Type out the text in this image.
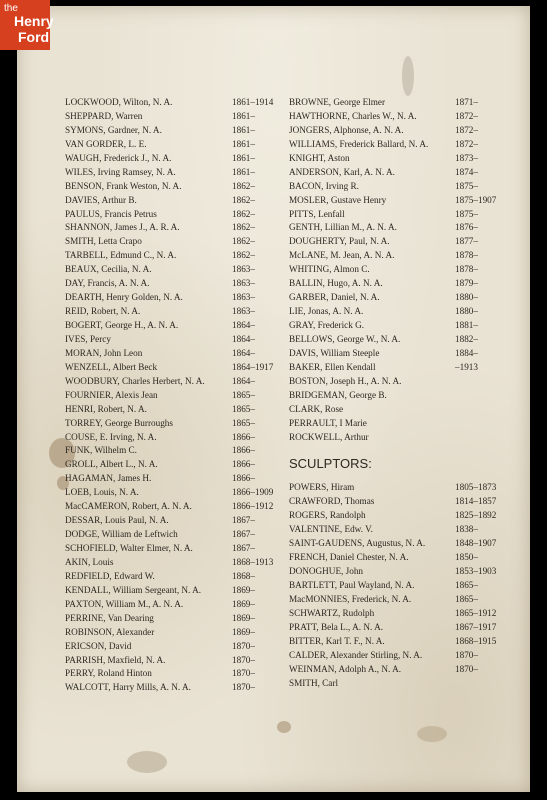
the
Henry
Ford
LOCKWOOD, Wilton, N. A.	1861–1914
SHEPPARD, Warren	1861–
SYMONS, Gardner, N. A.	1861–
VAN GORDER, L. E.	1861–
WAUGH, Frederick J., N. A.	1861–
WILES, Irving Ramsey, N. A.	1861–
BENSON, Frank Weston, N. A.	1862–
DAVIES, Arthur B.	1862–
PAULUS, Francis Petrus	1862–
SHANNON, James J., A. R. A.	1862–
SMITH, Letta Crapo	1862–
TARBELL, Edmund C., N. A.	1862–
BEAUX, Cecilia, N. A.	1863–
DAY, Francis, A. N. A.	1863–
DEARTH, Henry Golden, N. A.	1863–
REID, Robert, N. A.	1863–
BOGERT, George H., A. N. A.	1864–
IVES, Percy	1864–
MORAN, John Leon	1864–
WENZELL, Albert Beck	1864–1917
WOODBURY, Charles Herbert, N. A.	1864–
FOURNIER, Alexis Jean	1865–
HENRI, Robert, N. A.	1865–
TORREY, George Burroughs	1865–
COUSE, E. Irving, N. A.	1866–
FUNK, Wilhelm C.	1866–
GROLL, Albert L., N. A.	1866–
HAGAMAN, James H.	1866–
LOEB, Louis, N. A.	1866–1909
MacCAMERON, Robert, A. N. A.	1866–1912
DESSAR, Louis Paul, N. A.	1867–
DODGE, William de Leftwich	1867–
SCHOFIELD, Walter Elmer, N. A.	1867–
AKIN, Louis	1868–1913
REDFIELD, Edward W.	1868–
KENDALL, William Sergeant, N. A.	1869–
PAXTON, William M., A. N. A.	1869–
PERRINE, Van Dearing	1869–
ROBINSON, Alexander	1869–
ERICSON, David	1870–
PARRISH, Maxfield, N. A.	1870–
PERRY, Roland Hinton	1870–
WALCOTT, Harry Mills, A. N. A.	1870–
BROWNE, George Elmer	1871–
HAWTHORNE, Charles W., N. A.	1872–
JONGERS, Alphonse, A. N. A.	1872–
WILLIAMS, Frederick Ballard, N. A.	1872–
KNIGHT, Aston	1873–
ANDERSON, Karl, A. N. A.	1874–
BACON, Irving R.	1875–
MOSLER, Gustave Henry	1875–1907
PITTS, Lenfall	1875–
GENTH, Lillian M., A. N. A.	1876–
DOUGHERTY, Paul, N. A.	1877–
McLANE, M. Jean, A. N. A.	1878–
WHITING, Almon C.	1878–
BALLIN, Hugo, A. N. A.	1879–
GARBER, Daniel, N. A.	1880–
LIE, Jonas, A. N. A.	1880–
GRAY, Frederick G.	1881–
BELLOWS, George W., N. A.	1882–
DAVIS, William Steeple	1884–
BAKER, Ellen Kendall	–1913
BOSTON, Joseph H., A. N. A.
BRIDGEMAN, George B.
CLARK, Rose
PERRAULT, I Marie
ROCKWELL, Arthur
SCULPTORS:
POWERS, Hiram	1805–1873
CRAWFORD, Thomas	1814–1857
ROGERS, Randolph	1825–1892
VALENTINE, Edw. V.	1838–
SAINT-GAUDENS, Augustus, N. A.	1848–1907
FRENCH, Daniel Chester, N. A.	1850–
DONOGHUE, John	1853–1903
BARTLETT, Paul Wayland, N. A.	1865–
MacMONNIES, Frederick, N. A.	1865–
SCHWARTZ, Rudolph	1865–1912
PRATT, Bela L., A. N. A.	1867–1917
BITTER, Karl T. F., N. A.	1868–1915
CALDER, Alexander Stirling, N. A.	1870–
WEINMAN, Adolph A., N. A.	1870–
SMITH, Carl
